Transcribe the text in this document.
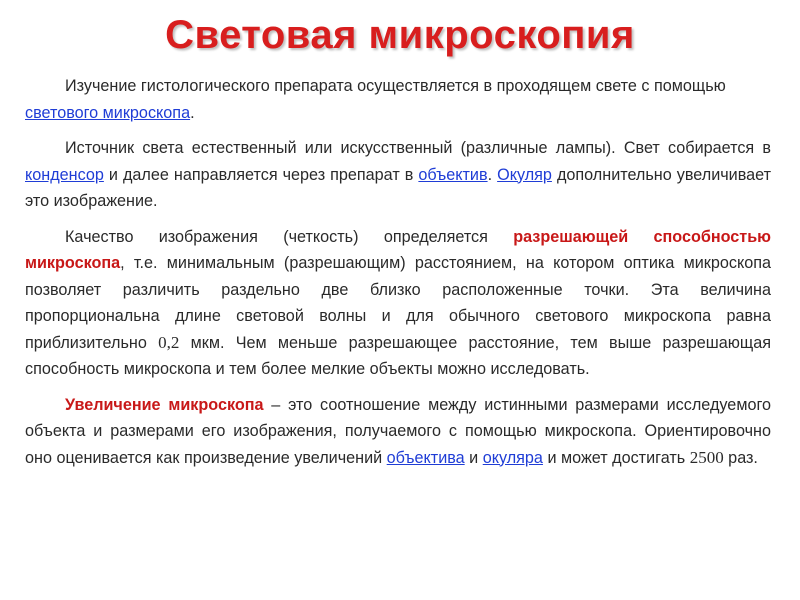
Световая микроскопия

Изучение гистологического препарата осуществляется в проходящем свете с помощью светового микроскопа.

Источник света естественный или искусственный (различные лампы). Свет собирается в конденсор и далее направляется через препарат в объектив. Окуляр дополнительно увеличивает это изображение.

Качество изображения (четкость) определяется разрешающей способностью микроскопа, т.е. минимальным (разрешающим) расстоянием, на котором оптика микроскопа позволяет различить раздельно две близко расположенные точки. Эта величина пропорциональна длине световой волны и для обычного светового микроскопа равна приблизительно 0,2 мкм. Чем меньше разрешающее расстояние, тем выше разрешающая способность микроскопа и тем более мелкие объекты можно исследовать.

Увеличение микроскопа – это соотношение между истинными размерами исследуемого объекта и размерами его изображения, получаемого с помощью микроскопа. Ориентировочно оно оценивается как произведение увеличений объектива и окуляра и может достигать 2500 раз.
